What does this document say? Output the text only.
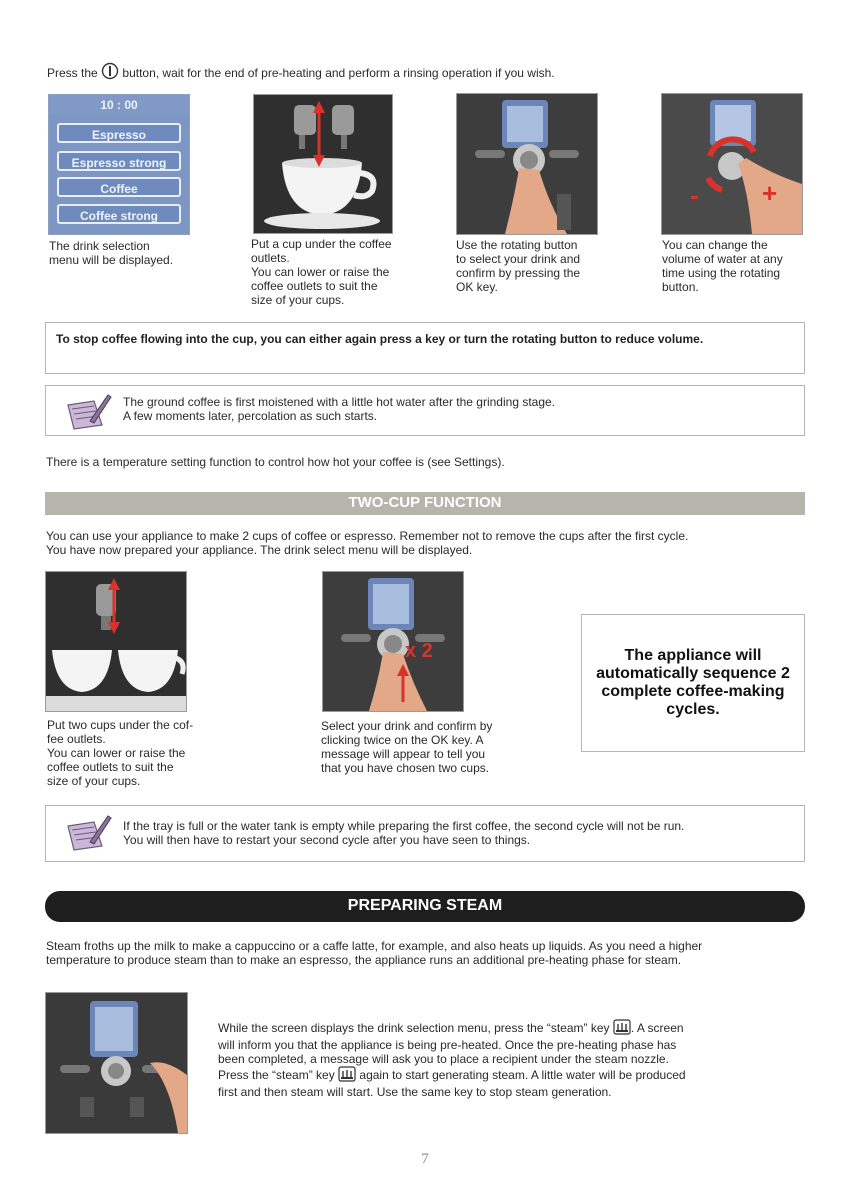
Press the button, wait for the end of pre-heating and perform a rinsing operation if you wish.
10 : 00
Espresso
Espresso strong
Coffee
Coffee strong
- +
The drink selection
menu will be displayed.
Put a cup under the coffee
outlets.
You can lower or raise the
coffee outlets to suit the
size of your cups.
Use the rotating button
to select your drink and
confirm by pressing the
OK key.
You can change the
volume of water at any
time using the rotating
button.
To stop coffee flowing into the cup, you can either again press a key or turn the rotating button to reduce volume.
The ground coffee is first moistened with a little hot water after the grinding stage.
A few moments later, percolation as such starts.
There is a temperature setting function to control how hot your coffee is (see Settings).
TWO-CUP FUNCTION
You can use your appliance to make 2 cups of coffee or espresso. Remember not to remove the cups after the first cycle.
You have now prepared your appliance. The drink select menu will be displayed.
x 2
Put two cups under the cof-
fee outlets.
You can lower or raise the
coffee outlets to suit the
size of your cups.
Select your drink and confirm by
clicking twice on the OK key. A
message will appear to tell you
that you have chosen two cups.
The appliance will
automatically sequence 2
complete coffee-making
cycles.
If the tray is full or the water tank is empty while preparing the first coffee, the second cycle will not be run.
You will then have to restart your second cycle after you have seen to things.
PREPARING STEAM
Steam froths up the milk to make a cappuccino or a caffe latte, for example, and also heats up liquids. As you need a higher
temperature to produce steam than to make an espresso, the appliance runs an additional pre-heating phase for steam.
While the screen displays the drink selection menu, press the “steam” key . A screen
will inform you that the appliance is being pre-heated. Once the pre-heating phase has
been completed, a message will ask you to place a recipient under the steam nozzle.
Press the “steam” key again to start generating steam. A little water will be produced
first and then steam will start. Use the same key to stop steam generation.
7
